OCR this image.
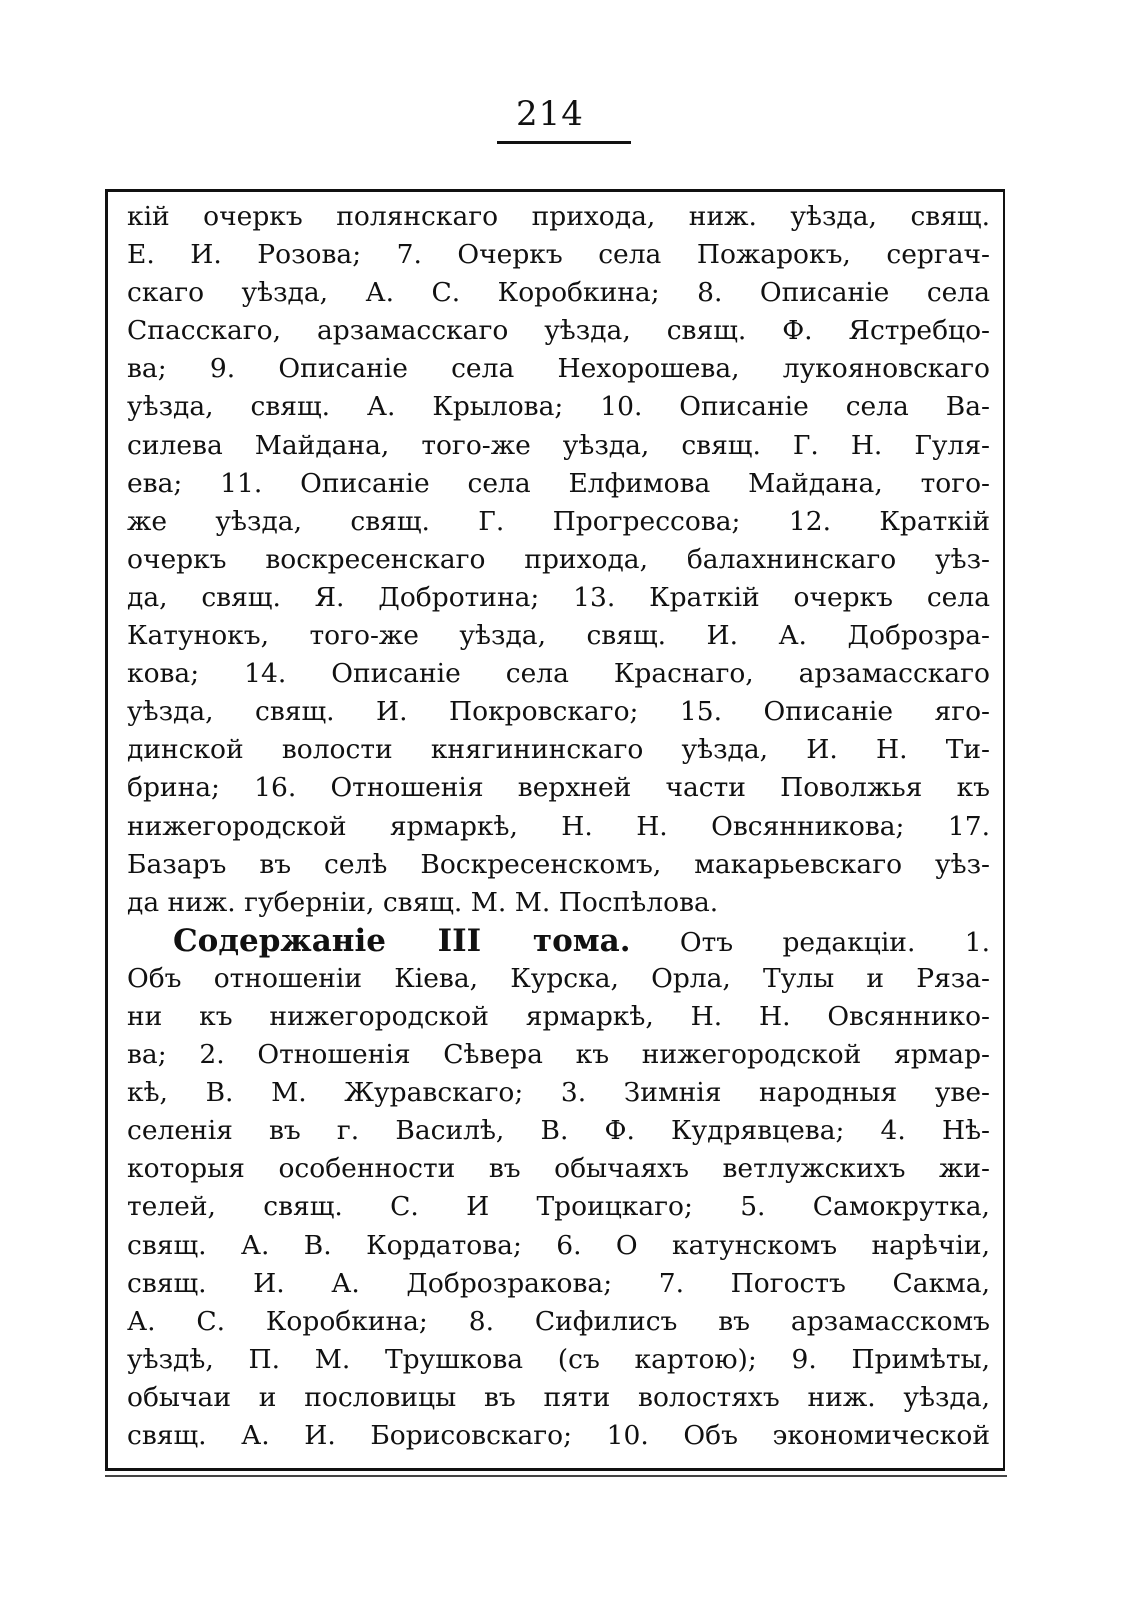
214
кій очеркъ полянскаго прихода, ниж. уѣзда, свящ.
Е. И. Розова; 7. Очеркъ села Пожарокъ, сергач-
скаго уѣзда, А. С. Коробкина; 8. Описаніе села
Спасскаго, арзамасскаго уѣзда, свящ. Ф. Ястребцо-
ва; 9. Описаніе села Нехорошева, лукояновскаго
уѣзда, свящ. А. Крылова; 10. Описаніе села Ва-
силева Майдана, того-же уѣзда, свящ. Г. Н. Гуля-
ева; 11. Описаніе села Елфимова Майдана, тoго-
же уѣзда, свящ. Г. Прогрессова; 12. Краткій
очеркъ воскресенскаго прихода, балахнинскаго уѣз-
да, свящ. Я. Добротина; 13. Краткій очеркъ села
Катунокъ, того-же уѣзда, свящ. И. А. Доброзра-
кова; 14. Описаніе села Краснаго, арзамасскаго
уѣзда, свящ. И. Покровскаго; 15. Описаніе яго-
динской волости княгининскаго уѣзда, И. Н. Ти-
брина; 16. Отношенія верхней части Поволжья къ
нижегородской ярмаркѣ, Н. Н. Овсянникова; 17.
Базаръ въ селѣ Воскресенскомъ, макарьевскаго уѣз-
да ниж. губерніи, свящ. М. М. Поспѣлова.
Содержаніе III тома. Отъ редакціи. 1.
Объ отношеніи Кіева, Курска, Орла, Тулы и Ряза-
ни къ нижегородской ярмаркѣ, Н. Н. Овсяннико-
ва; 2. Отношенія Сѣвера къ нижегородской ярмар-
кѣ, В. М. Журавскаго; 3. Зимнія народныя уве-
селенія въ г. Василѣ, В. Ф. Кудрявцева; 4. Нѣ-
которыя особенности въ обычаяхъ ветлужскихъ жи-
телей, свящ. С. И Троицкаго; 5. Самокрутка,
свящ. А. В. Кордатова; 6. О катунскомъ нарѣчіи,
свящ. И. А. Доброзракова; 7. Погостъ Сакма,
А. С. Коробкина; 8. Сифилисъ въ арзамасскомъ
уѣздѣ, П. М. Трушкова (съ картою); 9. Примѣты,
обычаи и пословицы въ пяти волостяхъ ниж. уѣзда,
свящ. А. И. Борисовскаго; 10. Объ экономической
